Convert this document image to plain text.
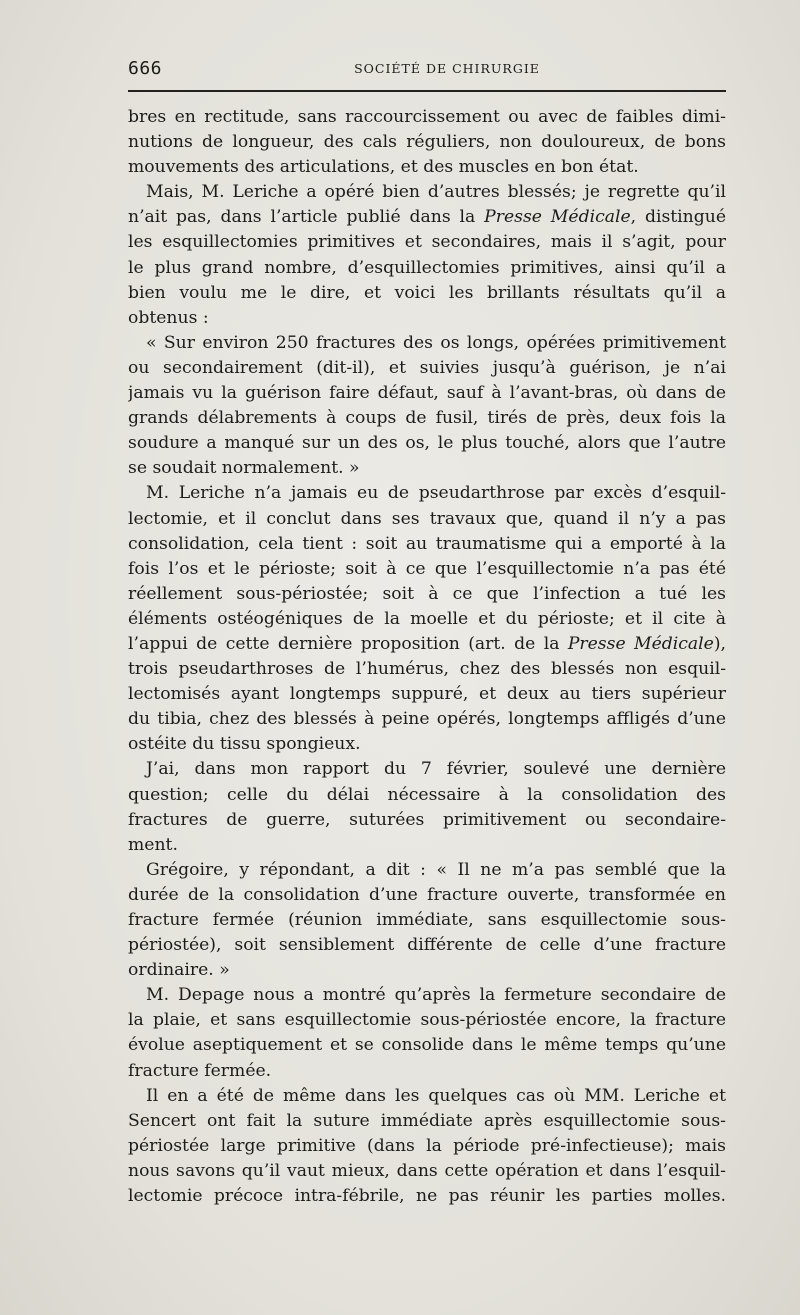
666	SOCIÉTÉ DE CHIRURGIE
bres en rectitude, sans raccourcissement ou avec de faibles dimi-
nutions de longueur, des cals réguliers, non douloureux, de bons
mouvements des articulations, et des muscles en bon état.
Mais, M. Leriche a opéré bien d’autres blessés; je regrette qu’il
n’ait pas, dans l’article publié dans la Presse Médicale, distingué
les esquillectomies primitives et secondaires, mais il s’agit, pour
le plus grand nombre, d’esquillectomies primitives, ainsi qu’il a
bien voulu me le dire, et voici les brillants résultats qu’il a
obtenus :
« Sur environ 250 fractures des os longs, opérées primitivement
ou secondairement (dit-il), et suivies jusqu’à guérison, je n’ai
jamais vu la guérison faire défaut, sauf à l’avant-bras, où dans de
grands délabrements à coups de fusil, tirés de près, deux fois la
soudure a manqué sur un des os, le plus touché, alors que l’autre
se soudait normalement. »
M. Leriche n’a jamais eu de pseudarthrose par excès d’esquil-
lectomie, et il conclut dans ses travaux que, quand il n’y a pas
consolidation, cela tient : soit au traumatisme qui a emporté à la
fois l’os et le périoste; soit à ce que l’esquillectomie n’a pas été
réellement sous-périostée; soit à ce que l’infection a tué les
éléments ostéogéniques de la moelle et du périoste; et il cite à
l’appui de cette dernière proposition (art. de la Presse Médicale),
trois pseudarthroses de l’humérus, chez des blessés non esquil-
lectomisés ayant longtemps suppuré, et deux au tiers supérieur
du tibia, chez des blessés à peine opérés, longtemps affligés d’une
ostéite du tissu spongieux.
J’ai, dans mon rapport du 7 février, soulevé une dernière
question; celle du délai nécessaire à la consolidation des
fractures de guerre, suturées primitivement ou secondaire-
ment.
Grégoire, y répondant, a dit : « Il ne m’a pas semblé que la
durée de la consolidation d’une fracture ouverte, transformée en
fracture fermée (réunion immédiate, sans esquillectomie sous-
périostée), soit sensiblement différente de celle d’une fracture
ordinaire. »
M. Depage nous a montré qu’après la fermeture secondaire de
la plaie, et sans esquillectomie sous-périostée encore, la fracture
évolue aseptiquement et se consolide dans le même temps qu’une
fracture fermée.
Il en a été de même dans les quelques cas où MM. Leriche et
Sencert ont fait la suture immédiate après esquillectomie sous-
périostée large primitive (dans la période pré-infectieuse); mais
nous savons qu’il vaut mieux, dans cette opération et dans l’esquil-
lectomie précoce intra-fébrile, ne pas réunir les parties molles.
